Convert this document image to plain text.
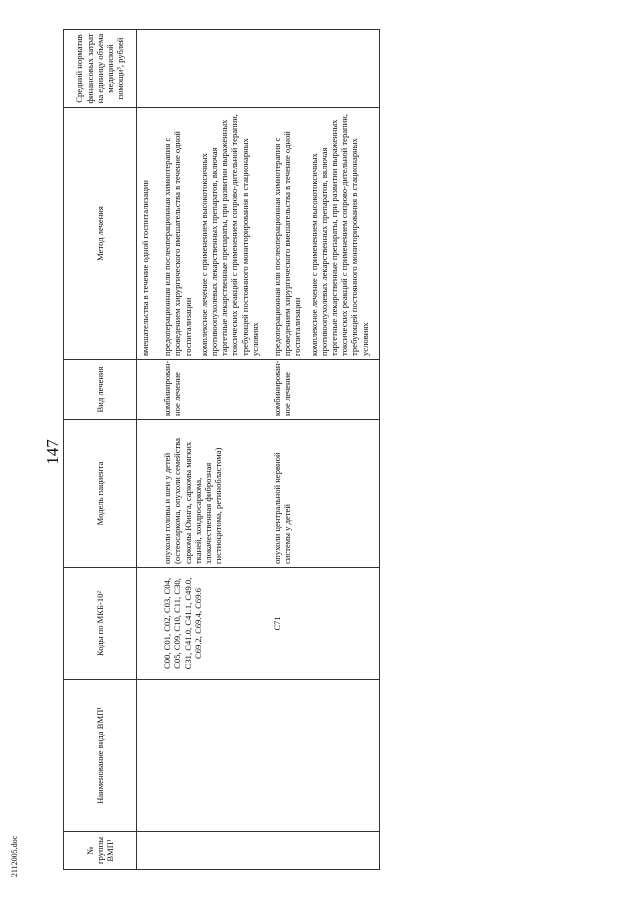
147
№ группы ВМП¹	Наименование вида ВМП¹	Коды по МКБ-10²	Модель пациента	Вид лечения	Метод лечения	Средний норматив финансовых затрат на единицу объема медицинской помощи³, рублей

					вмешательства в течение одной госпитализации	

		C00, C01, C02, C03, C04, C05, C09, C10, C11, C30, C31, C41.0, C41.1, C49.0, C69.2, C69.4, C69.6	опухоли головы и шеи у детей (остеосаркома, опухоли семейства саркомы Юинга, саркомы мягких тканей, хондросаркома, злокачественная фиброзная гистиоцитома, ретинобластома)	комбинирован-ное лечение	предоперационная или послеоперационная химиотерапия с проведением хирургического вмешательства в течение одной госпитализации комплексное лечение с применением высокотоксичных противоопухолевых лекарственных препаратов, включая таргетные лекарственные препараты, при развитии выраженных токсических реакций с применением сопрово-дительной терапии, требующей постоянного мониторирования в стационарных условиях	

		C71	опухоли центральной нервной системы у детей	комбинирован-ное лечение	предоперационная или послеоперационная химиотерапия с проведением хирургического вмешательства в течение одной госпитализации комплексное лечение с применением высокотоксичных противоопухолевых лекарственных препаратов, включая таргетные лекарственные препараты, при развитии выраженных токсических реакций с применением сопрово-дительной терапии, требующей постоянного мониторирования в стационарных условиях	

2112005.doc
